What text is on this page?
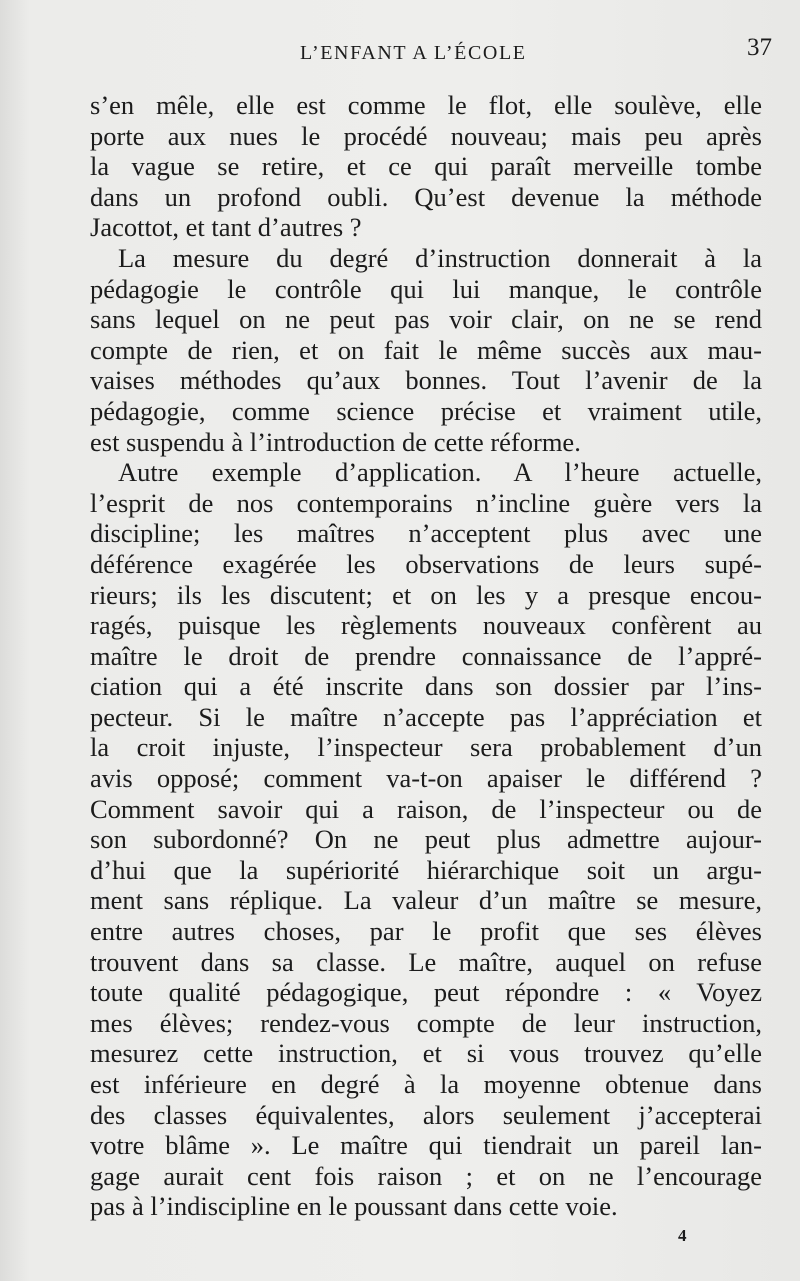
L’ENFANT A L’ÉCOLE	37
s’en mêle, elle est comme le flot, elle soulève, elle
porte aux nues le procédé nouveau; mais peu après
la vague se retire, et ce qui paraît merveille tombe
dans un profond oubli. Qu’est devenue la méthode
Jacottot, et tant d’autres ?
La mesure du degré d’instruction donnerait à la
pédagogie le contrôle qui lui manque, le contrôle
sans lequel on ne peut pas voir clair, on ne se rend
compte de rien, et on fait le même succès aux mau-
vaises méthodes qu’aux bonnes. Tout l’avenir de la
pédagogie, comme science précise et vraiment utile,
est suspendu à l’introduction de cette réforme.
Autre exemple d’application. A l’heure actuelle,
l’esprit de nos contemporains n’incline guère vers la
discipline; les maîtres n’acceptent plus avec une
déférence exagérée les observations de leurs supé-
rieurs; ils les discutent; et on les y a presque encou-
ragés, puisque les règlements nouveaux confèrent au
maître le droit de prendre connaissance de l’appré-
ciation qui a été inscrite dans son dossier par l’ins-
pecteur. Si le maître n’accepte pas l’appréciation et
la croit injuste, l’inspecteur sera probablement d’un
avis opposé; comment va-t-on apaiser le différend ?
Comment savoir qui a raison, de l’inspecteur ou de
son subordonné? On ne peut plus admettre aujour-
d’hui que la supériorité hiérarchique soit un argu-
ment sans réplique. La valeur d’un maître se mesure,
entre autres choses, par le profit que ses élèves
trouvent dans sa classe. Le maître, auquel on refuse
toute qualité pédagogique, peut répondre : « Voyez
mes élèves; rendez-vous compte de leur instruction,
mesurez cette instruction, et si vous trouvez qu’elle
est inférieure en degré à la moyenne obtenue dans
des classes équivalentes, alors seulement j’accepterai
votre blâme ». Le maître qui tiendrait un pareil lan-
gage aurait cent fois raison ; et on ne l’encourage
pas à l’indiscipline en le poussant dans cette voie.
4
